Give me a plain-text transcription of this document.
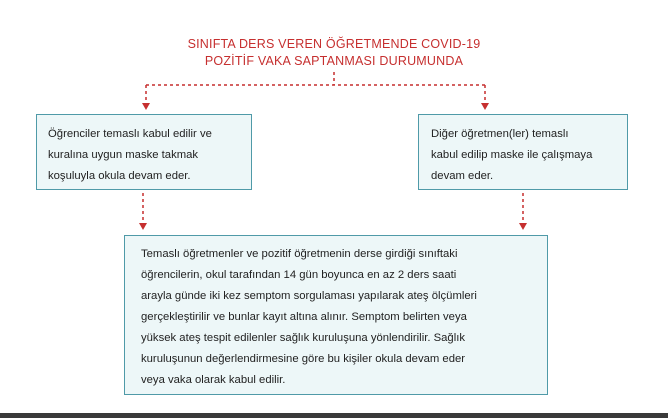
SINIFTA DERS VEREN ÖĞRETMENDE COVID-19
POZİTİF VAKA SAPTANMASI DURUMUNDA
Öğrenciler temaslı kabul edilir ve
kuralına uygun maske takmak
koşuluyla okula devam eder.
Diğer öğretmen(ler) temaslı
kabul edilip maske ile çalışmaya
devam eder.
Temaslı öğretmenler ve pozitif öğretmenin derse girdiği sınıftaki
öğrencilerin, okul tarafından 14 gün boyunca en az 2 ders saati
arayla günde iki kez semptom sorgulaması yapılarak ateş ölçümleri
gerçekleştirilir ve bunlar kayıt altına alınır. Semptom belirten veya
yüksek ateş tespit edilenler sağlık kuruluşuna yönlendirilir. Sağlık
kuruluşunun değerlendirmesine göre bu kişiler okula devam eder
veya vaka olarak kabul edilir.
